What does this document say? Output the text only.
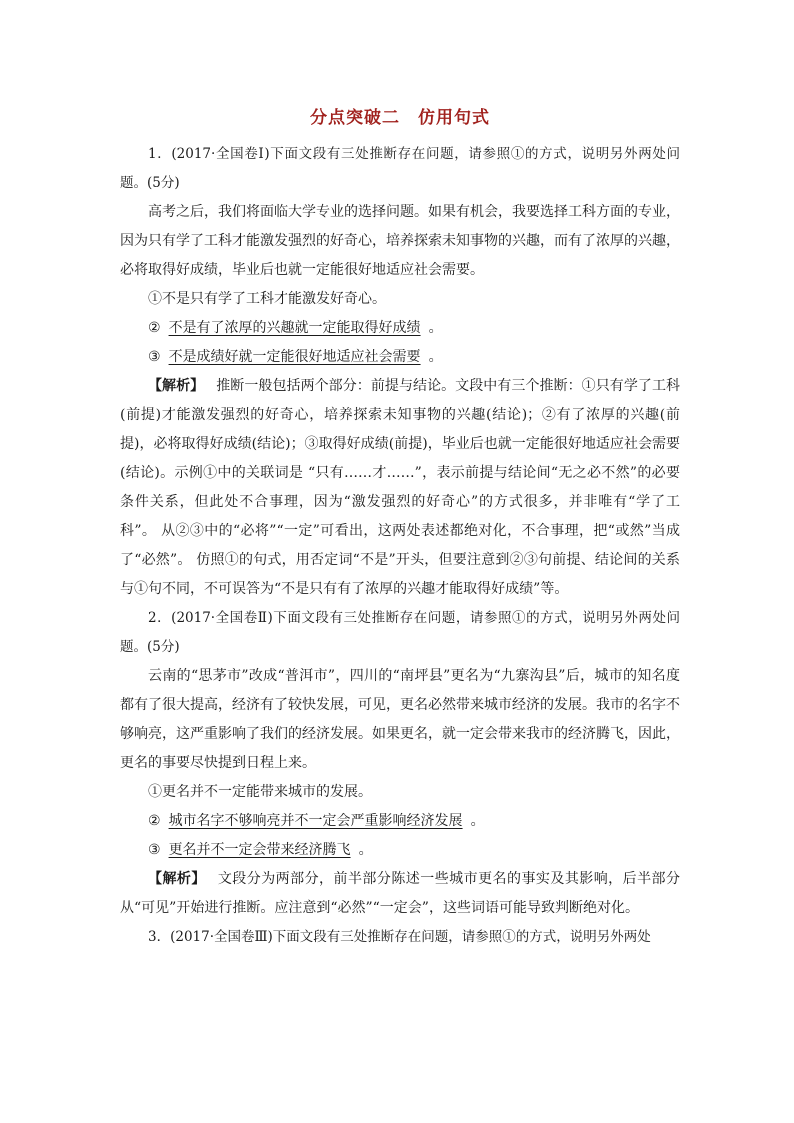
分点突破二 仿用句式

1．(2017·全国卷Ⅰ)下面文段有三处推断存在问题，请参照①的方式，说明另外两处问题。(5分)

高考之后，我们将面临大学专业的选择问题。如果有机会，我要选择工科方面的专业，因为只有学了工科才能激发强烈的好奇心，培养探索未知事物的兴趣，而有了浓厚的兴趣，必将取得好成绩，毕业后也就一定能很好地适应社会需要。

①不是只有学了工科才能激发好奇心。

② 不是有了浓厚的兴趣就一定能取得好成绩 。

③ 不是成绩好就一定能很好地适应社会需要 。

【解析】 推断一般包括两个部分：前提与结论。文段中有三个推断：①只有学了工科(前提)才能激发强烈的好奇心，培养探索未知事物的兴趣(结论)；②有了浓厚的兴趣(前提)，必将取得好成绩(结论)；③取得好成绩(前提)，毕业后也就一定能很好地适应社会需要(结论)。示例①中的关联词是 “只有……才……”，表示前提与结论间“无之必不然”的必要条件关系，但此处不合事理，因为“激发强烈的好奇心”的方式很多，并非唯有“学了工科”。 从②③中的“必将”“一定”可看出，这两处表述都绝对化，不合事理，把“或然”当成了“必然”。 仿照①的句式，用否定词“不是”开头，但要注意到②③句前提、结论间的关系与①句不同，不可误答为“不是只有有了浓厚的兴趣才能取得好成绩”等。

2．(2017·全国卷Ⅱ)下面文段有三处推断存在问题，请参照①的方式，说明另外两处问题。(5分)

云南的“思茅市”改成“普洱市”，四川的“南坪县”更名为“九寨沟县”后，城市的知名度都有了很大提高，经济有了较快发展，可见，更名必然带来城市经济的发展。我市的名字不够响亮，这严重影响了我们的经济发展。如果更名，就一定会带来我市的经济腾飞，因此，更名的事要尽快提到日程上来。

①更名并不一定能带来城市的发展。

② 城市名字不够响亮并不一定会严重影响经济发展 。

③ 更名并不一定会带来经济腾飞 。

【解析】 文段分为两部分，前半部分陈述一些城市更名的事实及其影响，后半部分从“可见”开始进行推断。应注意到“必然”“一定会”，这些词语可能导致判断绝对化。

3．(2017·全国卷Ⅲ)下面文段有三处推断存在问题，请参照①的方式，说明另外两处
